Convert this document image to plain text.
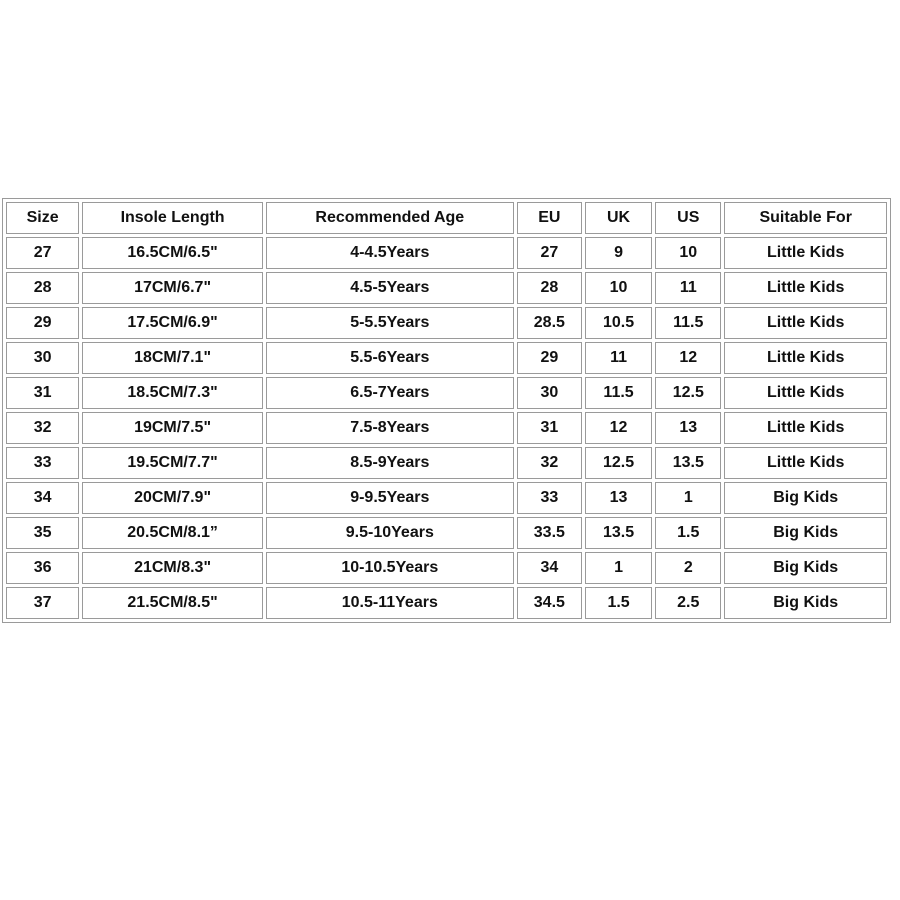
Size	Insole Length	Recommended Age	EU	UK	US	Suitable For
27	16.5CM/6.5"	4-4.5Years	27	9	10	Little Kids
28	17CM/6.7"	4.5-5Years	28	10	11	Little Kids
29	17.5CM/6.9"	5-5.5Years	28.5	10.5	11.5	Little Kids
30	18CM/7.1"	5.5-6Years	29	11	12	Little Kids
31	18.5CM/7.3"	6.5-7Years	30	11.5	12.5	Little Kids
32	19CM/7.5"	7.5-8Years	31	12	13	Little Kids
33	19.5CM/7.7"	8.5-9Years	32	12.5	13.5	Little Kids
34	20CM/7.9"	9-9.5Years	33	13	1	Big Kids
35	20.5CM/8.1”	9.5-10Years	33.5	13.5	1.5	Big Kids
36	21CM/8.3"	10-10.5Years	34	1	2	Big Kids
37	21.5CM/8.5"	10.5-11Years	34.5	1.5	2.5	Big Kids
